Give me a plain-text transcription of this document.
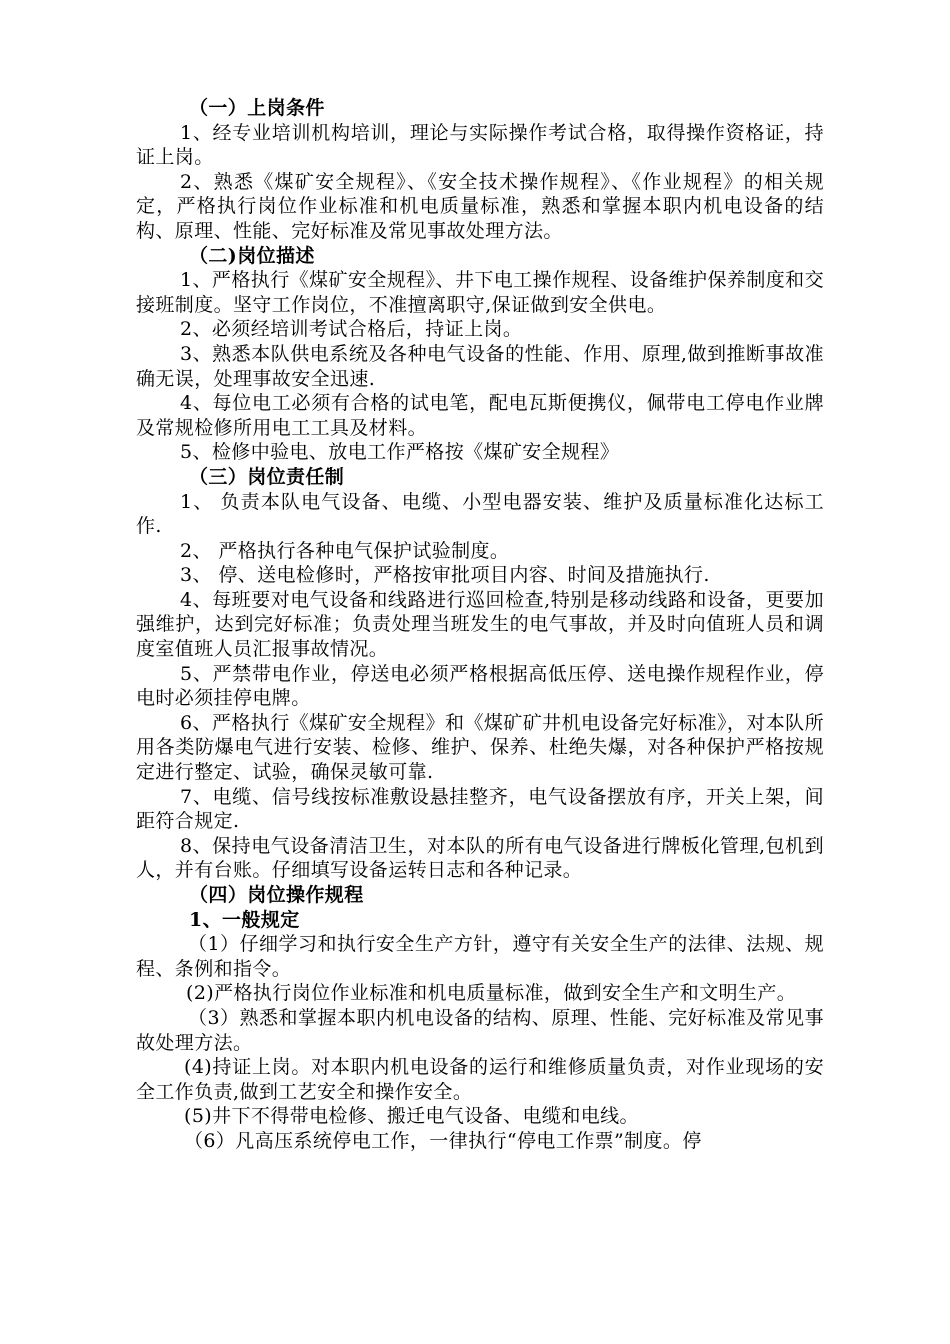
（一）上岗条件

1、经专业培训机构培训，理论与实际操作考试合格，取得操作资格证，持证上岗。

2、熟悉《煤矿安全规程》、《安全技术操作规程》、《作业规程》的相关规定，严格执行岗位作业标准和机电质量标准，熟悉和掌握本职内机电设备的结构、原理、性能、完好标准及常见事故处理方法。

（二)岗位描述

1、严格执行《煤矿安全规程》、井下电工操作规程、设备维护保养制度和交接班制度。坚守工作岗位，不准擅离职守,保证做到安全供电。

2、必须经培训考试合格后，持证上岗。

3、熟悉本队供电系统及各种电气设备的性能、作用、原理,做到推断事故准确无误，处理事故安全迅速.

4、每位电工必须有合格的试电笔，配电瓦斯便携仪，佩带电工停电作业牌及常规检修所用电工工具及材料。

5、检修中验电、放电工作严格按《煤矿安全规程》

（三）岗位责任制

1、 负责本队电气设备、电缆、小型电器安装、维护及质量标准化达标工作.

2、 严格执行各种电气保护试验制度。

3、 停、送电检修时，严格按审批项目内容、时间及措施执行.

4、每班要对电气设备和线路进行巡回检查,特别是移动线路和设备，更要加强维护，达到完好标准；负责处理当班发生的电气事故，并及时向值班人员和调度室值班人员汇报事故情况。

5、严禁带电作业，停送电必须严格根据高低压停、送电操作规程作业，停电时必须挂停电牌。

6、严格执行《煤矿安全规程》和《煤矿矿井机电设备完好标准》，对本队所用各类防爆电气进行安装、检修、维护、保养、杜绝失爆，对各种保护严格按规定进行整定、试验，确保灵敏可靠.

7、电缆、信号线按标准敷设悬挂整齐，电气设备摆放有序，开关上架，间距符合规定.

8、保持电气设备清洁卫生，对本队的所有电气设备进行牌板化管理,包机到人，并有台账。仔细填写设备运转日志和各种记录。

（四）岗位操作规程

1、一般规定

（1）仔细学习和执行安全生产方针，遵守有关安全生产的法律、法规、规程、条例和指令。

(2)严格执行岗位作业标准和机电质量标准，做到安全生产和文明生产。

（3）熟悉和掌握本职内机电设备的结构、原理、性能、完好标准及常见事故处理方法。

(4)持证上岗。对本职内机电设备的运行和维修质量负责，对作业现场的安全工作负责,做到工艺安全和操作安全。

(5)井下不得带电检修、搬迁电气设备、电缆和电线。

（6）凡高压系统停电工作，一律执行“停电工作票”制度。停
